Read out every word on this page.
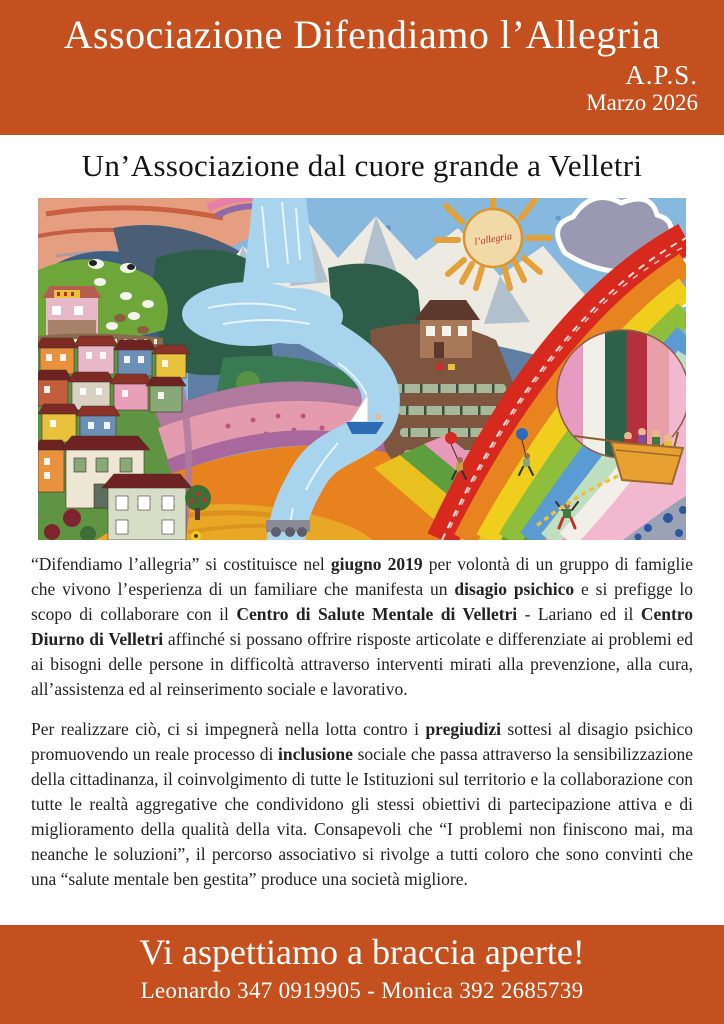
Associazione Difendiamo l’Allegria
A.P.S.
Marzo 2026
Un’Associazione dal cuore grande a Velletri
l’allegria

“Difendiamo l’allegria” si costituisce nel giugno 2019 per volontà di un gruppo di famiglie che vivono l’esperienza di un familiare che manifesta un disagio psichico e si prefigge lo scopo di collaborare con il Centro di Salute Mentale di Velletri - Lariano ed il Centro Diurno di Velletri affinché si possano offrire risposte articolate e differenziate ai problemi ed ai bisogni delle persone in difficoltà attraverso interventi mirati alla prevenzione, alla cura, all’assistenza ed al reinserimento sociale e lavorativo.

Per realizzare ciò, ci si impegnerà nella lotta contro i pregiudizi sottesi al disagio psichico promuovendo un reale processo di inclusione sociale che passa attraverso la sensibilizzazione della cittadinanza, il coinvolgimento di tutte le Istituzioni sul territorio e la collaborazione con tutte le realtà aggregative che condividono gli stessi obiettivi di partecipazione attiva e di miglioramento della qualità della vita. Consapevoli che “I problemi non finiscono mai, ma neanche le soluzioni”, il percorso associativo si rivolge a tutti coloro che sono convinti che una “salute mentale ben gestita” produce una società migliore.

Vi aspettiamo a braccia aperte!
Leonardo 347 0919905 - Monica 392 2685739
